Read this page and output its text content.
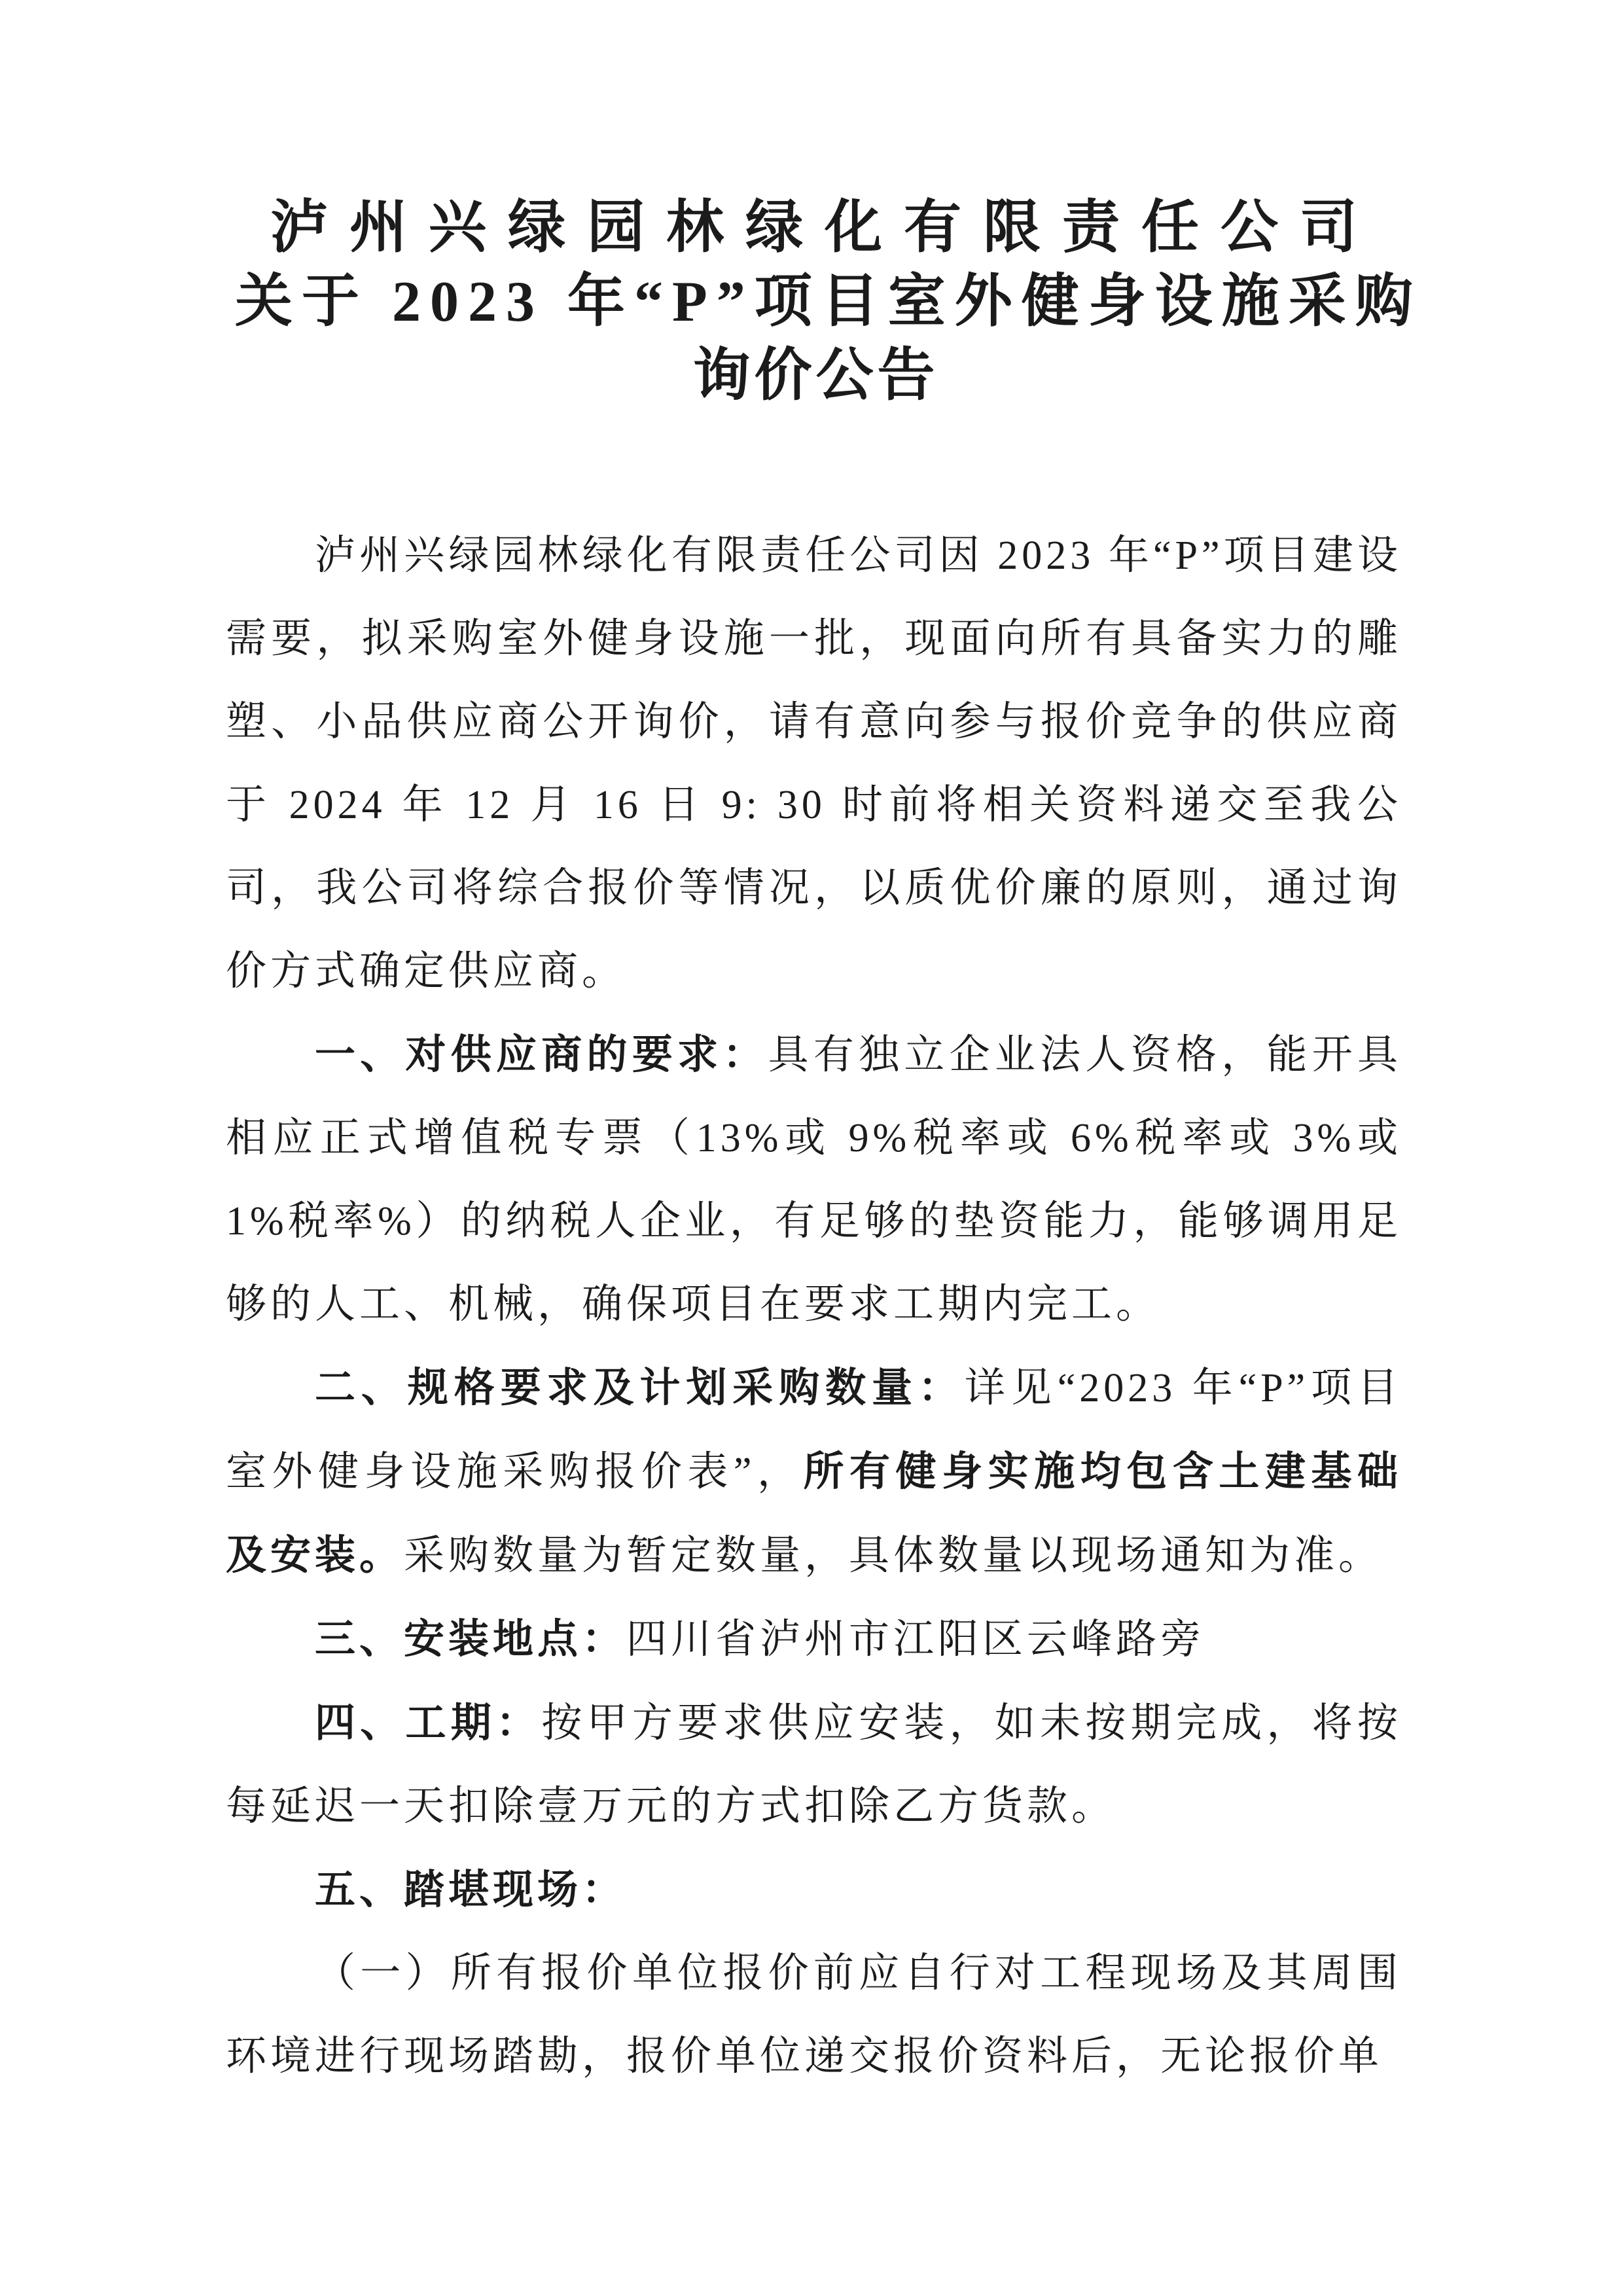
泸州兴绿园林绿化有限责任公司
关于 2023 年“P”项目室外健身设施采购
询价公告

泸州兴绿园林绿化有限责任公司因 2023 年“P”项目建设需要，拟采购室外健身设施一批，现面向所有具备实力的雕塑、小品供应商公开询价，请有意向参与报价竞争的供应商于 2024 年 12 月 16 日 9: 30 时前将相关资料递交至我公司，我公司将综合报价等情况，以质优价廉的原则，通过询价方式确定供应商。

一、对供应商的要求：具有独立企业法人资格，能开具相应正式增值税专票（13%或 9%税率或 6%税率或 3%或 1%税率%）的纳税人企业，有足够的垫资能力，能够调用足够的人工、机械，确保项目在要求工期内完工。

二、规格要求及计划采购数量：详见“2023 年“P”项目室外健身设施采购报价表”，所有健身实施均包含土建基础及安装。采购数量为暂定数量，具体数量以现场通知为准。

三、安装地点：四川省泸州市江阳区云峰路旁

四、工期：按甲方要求供应安装，如未按期完成，将按每延迟一天扣除壹万元的方式扣除乙方货款。

五、踏堪现场：

（一）所有报价单位报价前应自行对工程现场及其周围环境进行现场踏勘，报价单位递交报价资料后，无论报价单
